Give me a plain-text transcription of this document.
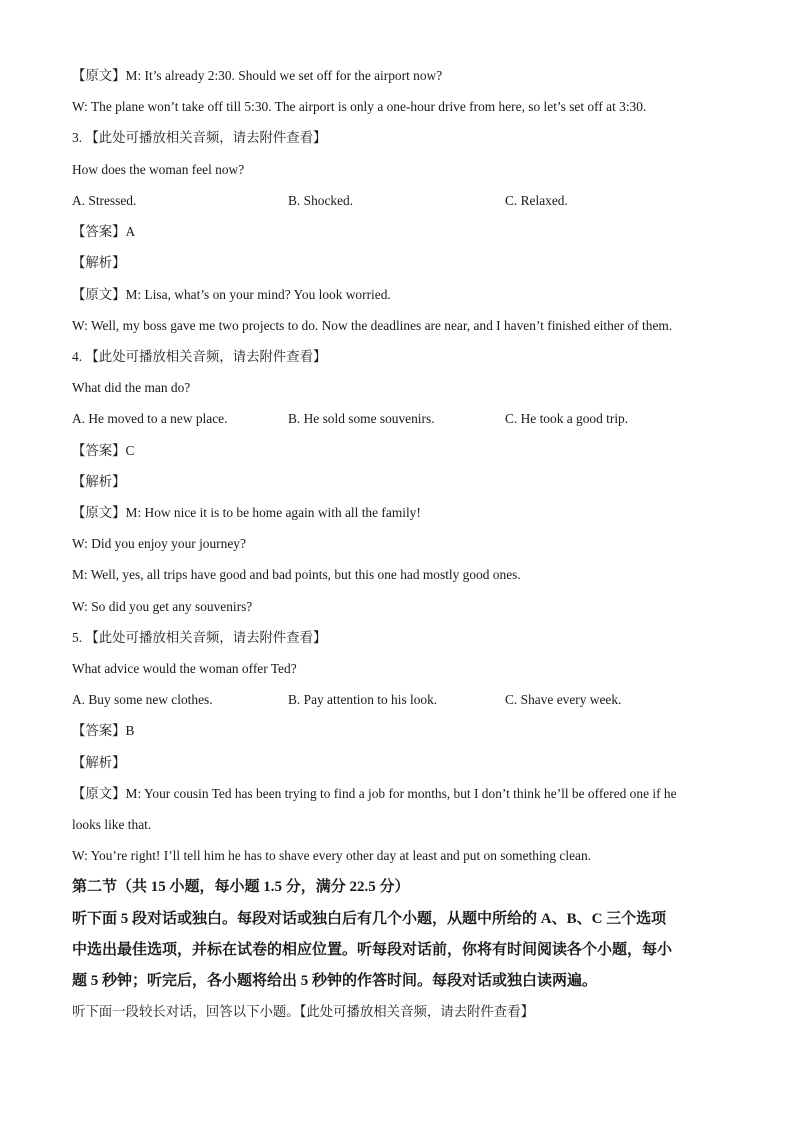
【原文】M: It’s already 2:30. Should we set off for the airport now?
W: The plane won’t take off till 5:30. The airport is only a one-hour drive from here, so let’s set off at 3:30.
3. 【此处可播放相关音频，请去附件查看】
How does the woman feel now?
A. Stressed.	B. Shocked.	C. Relaxed.
【答案】A
【解析】
【原文】M: Lisa, what’s on your mind? You look worried.
W: Well, my boss gave me two projects to do. Now the deadlines are near, and I haven’t finished either of them.
4. 【此处可播放相关音频，请去附件查看】
What did the man do?
A. He moved to a new place.	B. He sold some souvenirs.	C. He took a good trip.
【答案】C
【解析】
【原文】M: How nice it is to be home again with all the family!
W: Did you enjoy your journey?
M: Well, yes, all trips have good and bad points, but this one had mostly good ones.
W: So did you get any souvenirs?
5. 【此处可播放相关音频，请去附件查看】
What advice would the woman offer Ted?
A. Buy some new clothes.	B. Pay attention to his look.	C. Shave every week.
【答案】B
【解析】
【原文】M: Your cousin Ted has been trying to find a job for months, but I don’t think he’ll be offered one if he
looks like that.
W: You’re right! I’ll tell him he has to shave every other day at least and put on something clean.
第二节（共 15 小题，每小题 1.5 分，满分 22.5 分）
听下面 5 段对话或独白。每段对话或独白后有几个小题，从题中所给的 A、B、C 三个选项
中选出最佳选项，并标在试卷的相应位置。听每段对话前，你将有时间阅读各个小题，每小
题 5 秒钟；听完后，各小题将给出 5 秒钟的作答时间。每段对话或独白读两遍。
听下面一段较长对话，回答以下小题。【此处可播放相关音频，请去附件查看】
